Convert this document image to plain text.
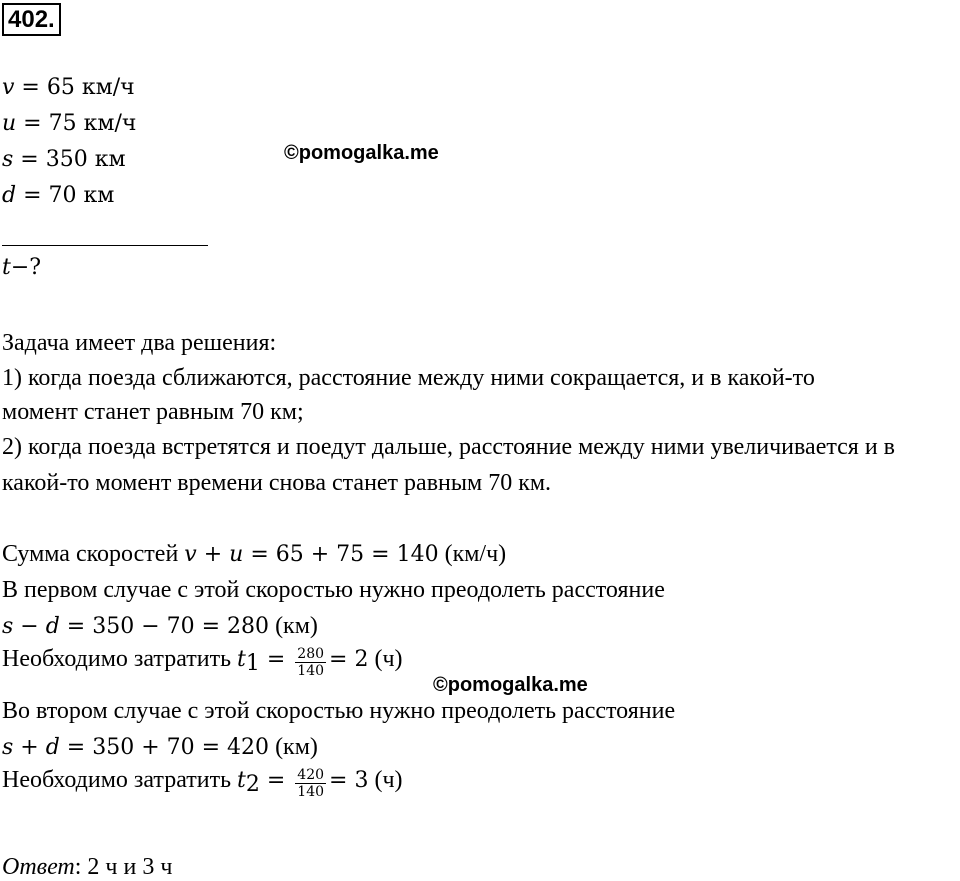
402.
v = 65 км/ч
u = 75 км/ч
s = 350 км
d = 70 км
©pomogalka.me
t−?
Задача имеет два решения:
1) когда поезда сближаются, расстояние между ними сокращается, и в какой-то
момент станет равным 70 км;
2) когда поезда встретятся и поедут дальше, расстояние между ними увеличивается и в
какой-то момент времени снова станет равным 70 км.
Сумма скоростей v + u = 65 + 75 = 140 (км/ч)
В первом случае с этой скоростью нужно преодолеть расстояние
s − d = 350 − 70 = 280 (км)
Необходимо затратить $t_1 = \frac{280}{140} = 2$ (ч)
©pomogalka.me
Во втором случае с этой скоростью нужно преодолеть расстояние
s + d = 350 + 70 = 420 (км)
Необходимо затратить $t_2 = \frac{420}{140} = 3$ (ч)
Ответ: 2 ч и 3 ч
